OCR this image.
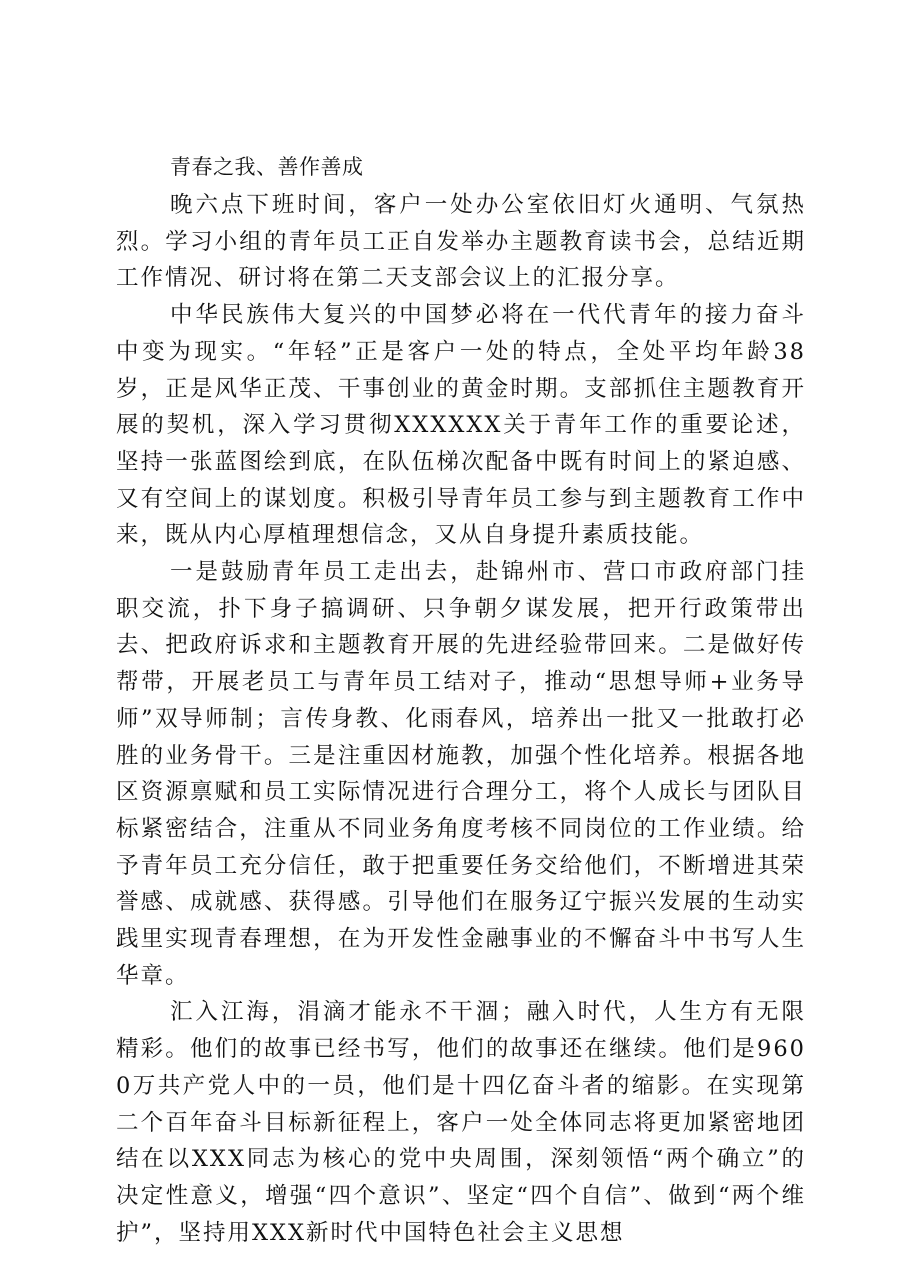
青春之我、善作善成

晚六点下班时间，客户一处办公室依旧灯火通明、气氛热烈。学习小组的青年员工正自发举办主题教育读书会，总结近期工作情况、研讨将在第二天支部会议上的汇报分享。

中华民族伟大复兴的中国梦必将在一代代青年的接力奋斗中变为现实。“年轻”正是客户一处的特点，全处平均年龄38岁，正是风华正茂、干事创业的黄金时期。支部抓住主题教育开展的契机，深入学习贯彻XXXXXX关于青年工作的重要论述，坚持一张蓝图绘到底，在队伍梯次配备中既有时间上的紧迫感、又有空间上的谋划度。积极引导青年员工参与到主题教育工作中来，既从内心厚植理想信念，又从自身提升素质技能。

一是鼓励青年员工走出去，赴锦州市、营口市政府部门挂职交流，扑下身子搞调研、只争朝夕谋发展，把开行政策带出去、把政府诉求和主题教育开展的先进经验带回来。二是做好传帮带，开展老员工与青年员工结对子，推动“思想导师+业务导师”双导师制；言传身教、化雨春风，培养出一批又一批敢打必胜的业务骨干。三是注重因材施教，加强个性化培养。根据各地区资源禀赋和员工实际情况进行合理分工，将个人成长与团队目标紧密结合，注重从不同业务角度考核不同岗位的工作业绩。给予青年员工充分信任，敢于把重要任务交给他们，不断增进其荣誉感、成就感、获得感。引导他们在服务辽宁振兴发展的生动实践里实现青春理想，在为开发性金融事业的不懈奋斗中书写人生华章。

汇入江海，涓滴才能永不干涸；融入时代，人生方有无限精彩。他们的故事已经书写，他们的故事还在继续。他们是9600万共产党人中的一员，他们是十四亿奋斗者的缩影。在实现第二个百年奋斗目标新征程上，客户一处全体同志将更加紧密地团结在以XXX同志为核心的党中央周围，深刻领悟“两个确立”的决定性意义，增强“四个意识”、坚定“四个自信”、做到“两个维护”，坚持用XXX新时代中国特色社会主义思想
